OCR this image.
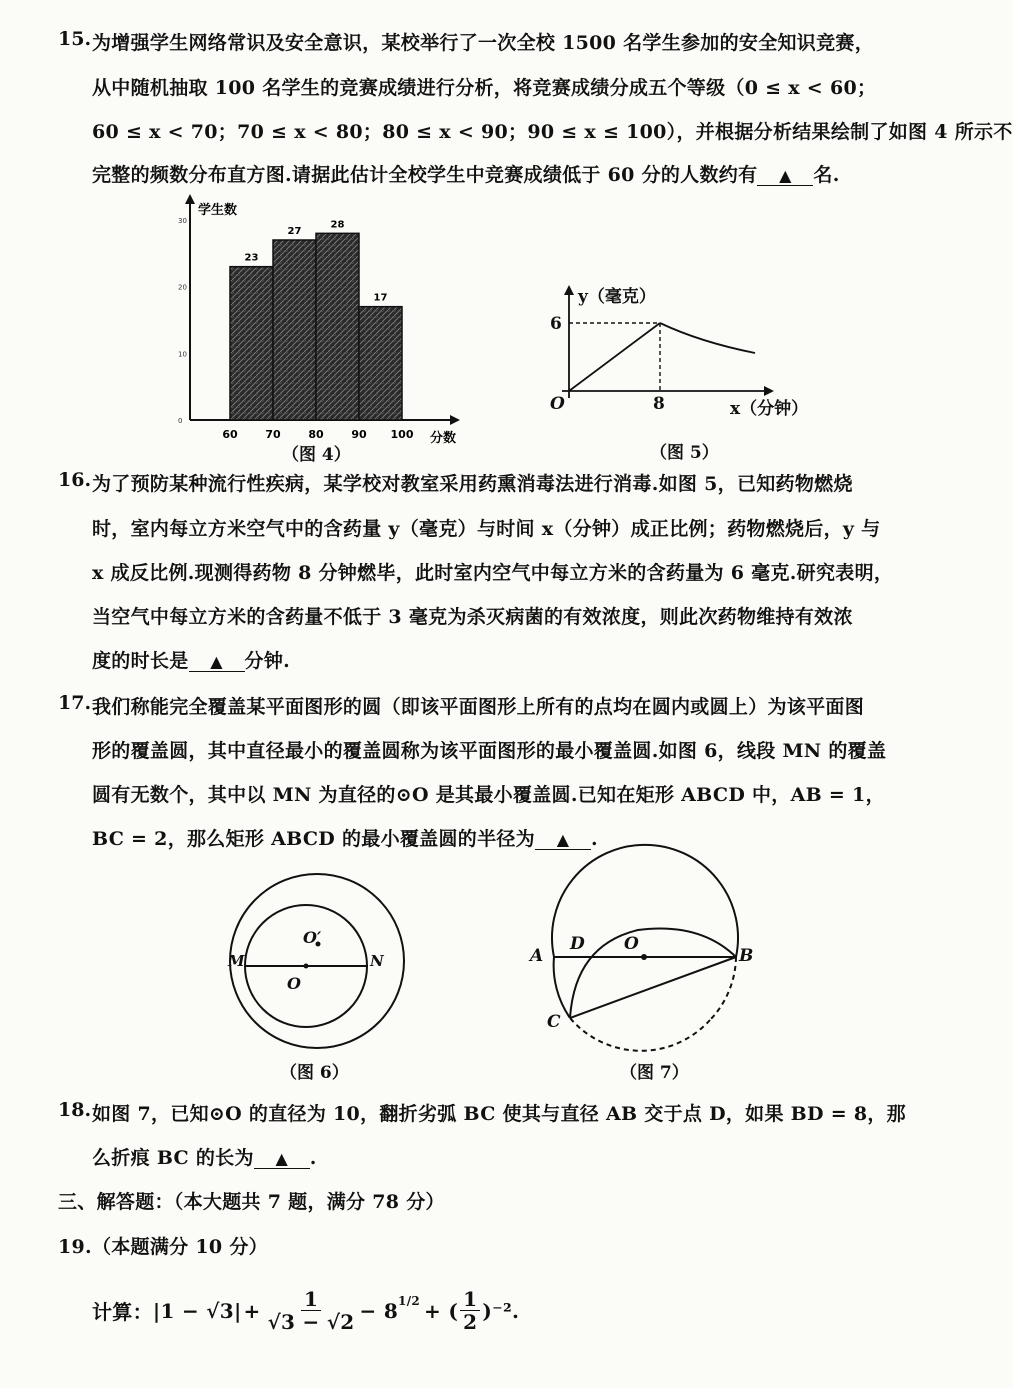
15. 为增强学生网络常识及安全意识，某校举行了一次全校 1500 名学生参加的安全知识竞赛，
从中随机抽取 100 名学生的竞赛成绩进行分析，将竞赛成绩分成五个等级（0 ≤ x < 60；
60 ≤ x < 70；70 ≤ x < 80；80 ≤ x < 90；90 ≤ x ≤ 100），并根据分析结果绘制了如图 4 所示不
完整的频数分布直方图.请据此估计全校学生中竞赛成绩低于 60 分的人数约有 ▲ 名.
0
10
20
30
学生数
23
27
28
17
60	70	80	90 100 分数
（图 4）
y（毫克）
6
O	8	x（分钟）
（图 5）
16. 为了预防某种流行性疾病，某学校对教室采用药熏消毒法进行消毒.如图 5，已知药物燃烧
时，室内每立方米空气中的含药量 y（毫克）与时间 x（分钟）成正比例；药物燃烧后，y 与
x 成反比例.现测得药物 8 分钟燃毕，此时室内空气中每立方米的含药量为 6 毫克.研究表明，
当空气中每立方米的含药量不低于 3 毫克为杀灭病菌的有效浓度，则此次药物维持有效浓
度的时长是 ▲ 分钟.
17. 我们称能完全覆盖某平面图形的圆（即该平面图形上所有的点均在圆内或圆上）为该平面图
形的覆盖圆，其中直径最小的覆盖圆称为该平面图形的最小覆盖圆.如图 6，线段 MN 的覆盖
圆有无数个，其中以 MN 为直径的⊙O 是其最小覆盖圆.已知在矩形 ABCD 中，AB = 1，
BC = 2，那么矩形 ABCD 的最小覆盖圆的半径为 ▲ .
M	N
O
O′
（图 6）
A
D O
B
C
（图 7）
18. 如图 7，已知⊙O 的直径为 10，翻折劣弧 BC 使其与直径 AB 交于点 D，如果 BD = 8，那
么折痕 BC 的长为 ▲ .
三、解答题：（本大题共 7 题，满分 78 分）
19.（本题满分 10 分）
计算： $|1 - √3| + \frac{1}{√3 - √2} - 8^{1/2}$ + ( $\frac{1}{2} )^{-2}$.
